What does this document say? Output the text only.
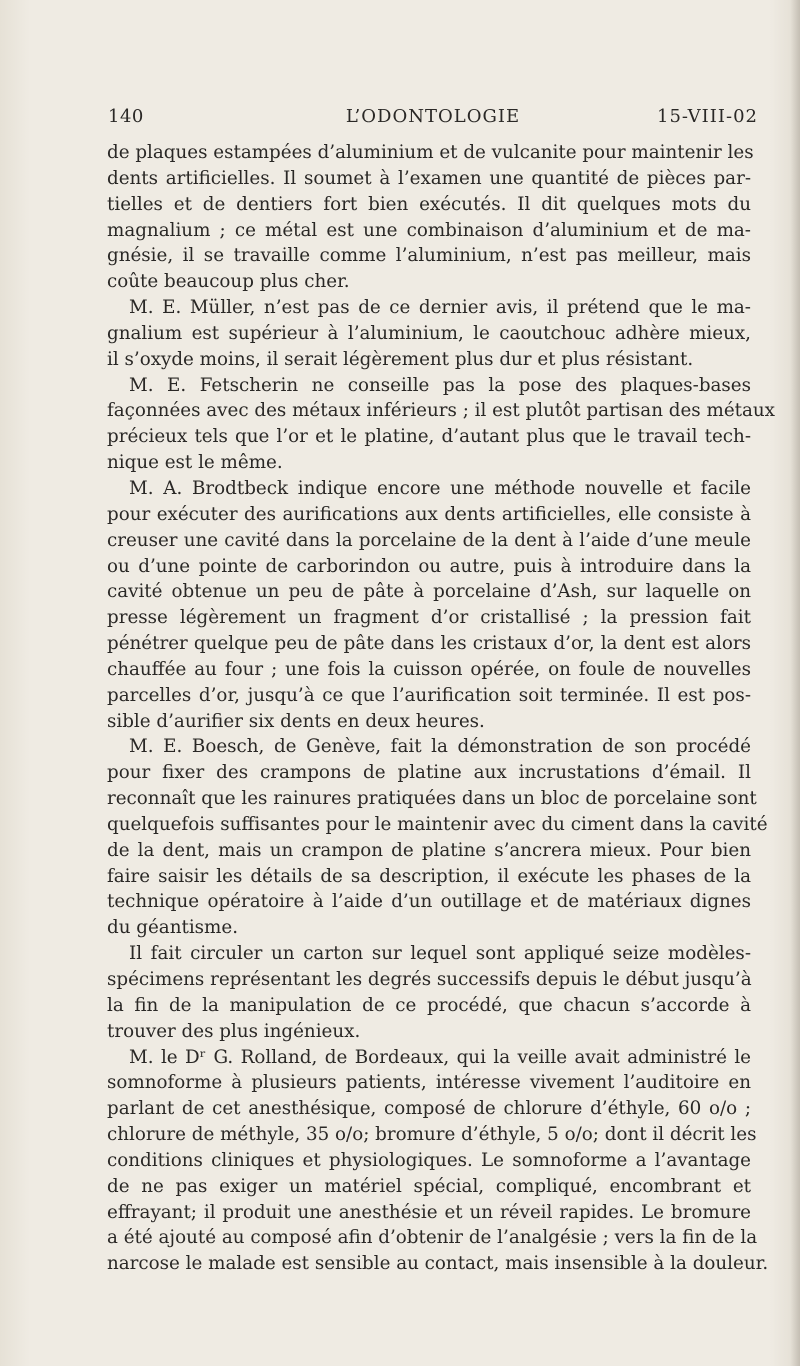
140	L’ODONTOLOGIE	15-VIII-02
de plaques estampées d’aluminium et de vulcanite pour maintenir les
dents artificielles. Il soumet à l’examen une quantité de pièces par-
tielles et de dentiers fort bien exécutés. Il dit quelques mots du
magnalium ; ce métal est une combinaison d’aluminium et de ma-
gnésie, il se travaille comme l’aluminium, n’est pas meilleur, mais
coûte beaucoup plus cher.
M. E. Müller, n’est pas de ce dernier avis, il prétend que le ma-
gnalium est supérieur à l’aluminium, le caoutchouc adhère mieux,
il s’oxyde moins, il serait légèrement plus dur et plus résistant.
M. E. Fetscherin ne conseille pas la pose des plaques-bases
façonnées avec des métaux inférieurs ; il est plutôt partisan des métaux
précieux tels que l’or et le platine, d’autant plus que le travail tech-
nique est le même.
M. A. Brodtbeck indique encore une méthode nouvelle et facile
pour exécuter des aurifications aux dents artificielles, elle consiste à
creuser une cavité dans la porcelaine de la dent à l’aide d’une meule
ou d’une pointe de carborindon ou autre, puis à introduire dans la
cavité obtenue un peu de pâte à porcelaine d’Ash, sur laquelle on
presse légèrement un fragment d’or cristallisé ; la pression fait
pénétrer quelque peu de pâte dans les cristaux d’or, la dent est alors
chauffée au four ; une fois la cuisson opérée, on foule de nouvelles
parcelles d’or, jusqu’à ce que l’aurification soit terminée. Il est pos-
sible d’aurifier six dents en deux heures.
M. E. Boesch, de Genève, fait la démonstration de son procédé
pour fixer des crampons de platine aux incrustations d’émail. Il
reconnaît que les rainures pratiquées dans un bloc de porcelaine sont
quelquefois suffisantes pour le maintenir avec du ciment dans la cavité
de la dent, mais un crampon de platine s’ancrera mieux. Pour bien
faire saisir les détails de sa description, il exécute les phases de la
technique opératoire à l’aide d’un outillage et de matériaux dignes
du géantisme.
Il fait circuler un carton sur lequel sont appliqué seize modèles-
spécimens représentant les degrés successifs depuis le début jusqu’à
la fin de la manipulation de ce procédé, que chacun s’accorde à
trouver des plus ingénieux.
M. le Dʳ G. Rolland, de Bordeaux, qui la veille avait administré le
somnoforme à plusieurs patients, intéresse vivement l’auditoire en
parlant de cet anesthésique, composé de chlorure d’éthyle, 60 o/o ;
chlorure de méthyle, 35 o/o; bromure d’éthyle, 5 o/o; dont il décrit les
conditions cliniques et physiologiques. Le somnoforme a l’avantage
de ne pas exiger un matériel spécial, compliqué, encombrant et
effrayant; il produit une anesthésie et un réveil rapides. Le bromure
a été ajouté au composé afin d’obtenir de l’analgésie ; vers la fin de la
narcose le malade est sensible au contact, mais insensible à la douleur.
